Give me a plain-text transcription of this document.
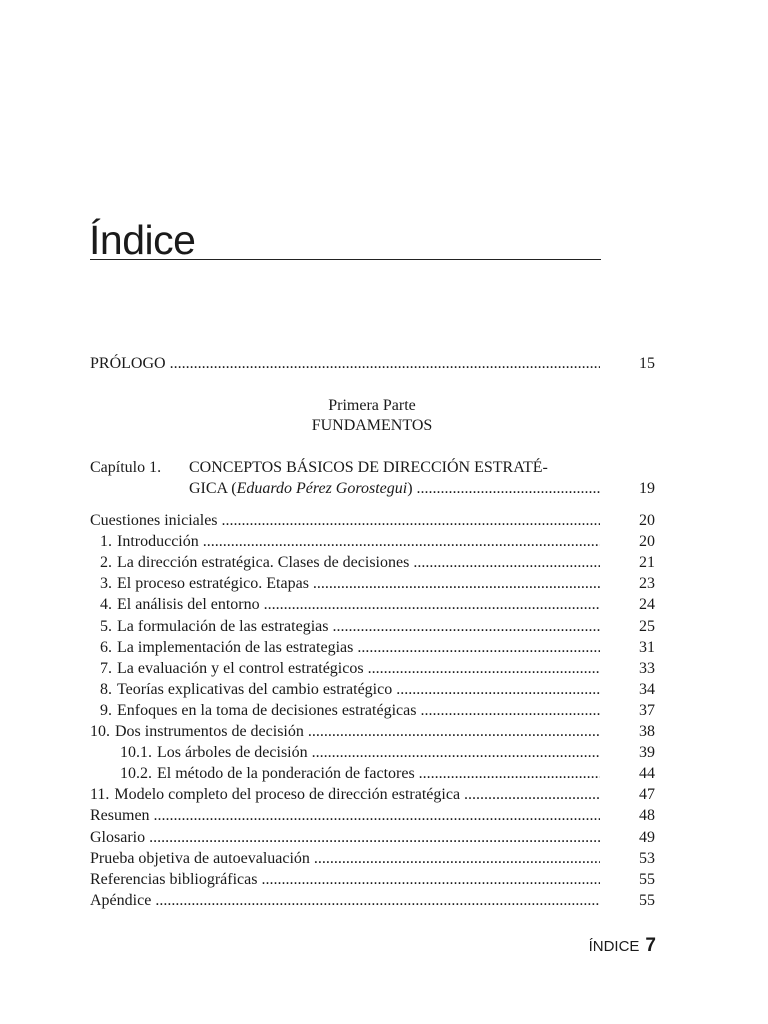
Índice
PRÓLOGO .....	15
Primera Parte
FUNDAMENTOS
Capítulo 1. CONCEPTOS BÁSICOS DE DIRECCIÓN ESTRATÉ-
GICA (Eduardo Pérez Gorostegui) .....	19
Cuestiones iniciales .....	20
1. Introducción .....	20
2. La dirección estratégica. Clases de decisiones .....	21
3. El proceso estratégico. Etapas .....	23
4. El análisis del entorno .....	24
5. La formulación de las estrategias .....	25
6. La implementación de las estrategias .....	31
7. La evaluación y el control estratégicos .....	33
8. Teorías explicativas del cambio estratégico .....	34
9. Enfoques en la toma de decisiones estratégicas .....	37
10. Dos instrumentos de decisión .....	38
10.1. Los árboles de decisión .....	39
10.2. El método de la ponderación de factores .....	44
11. Modelo completo del proceso de dirección estratégica .....	47
Resumen .....	48
Glosario .....	49
Prueba objetiva de autoevaluación .....	53
Referencias bibliográficas .....	55
Apéndice .....	55
ÍNDICE 7
